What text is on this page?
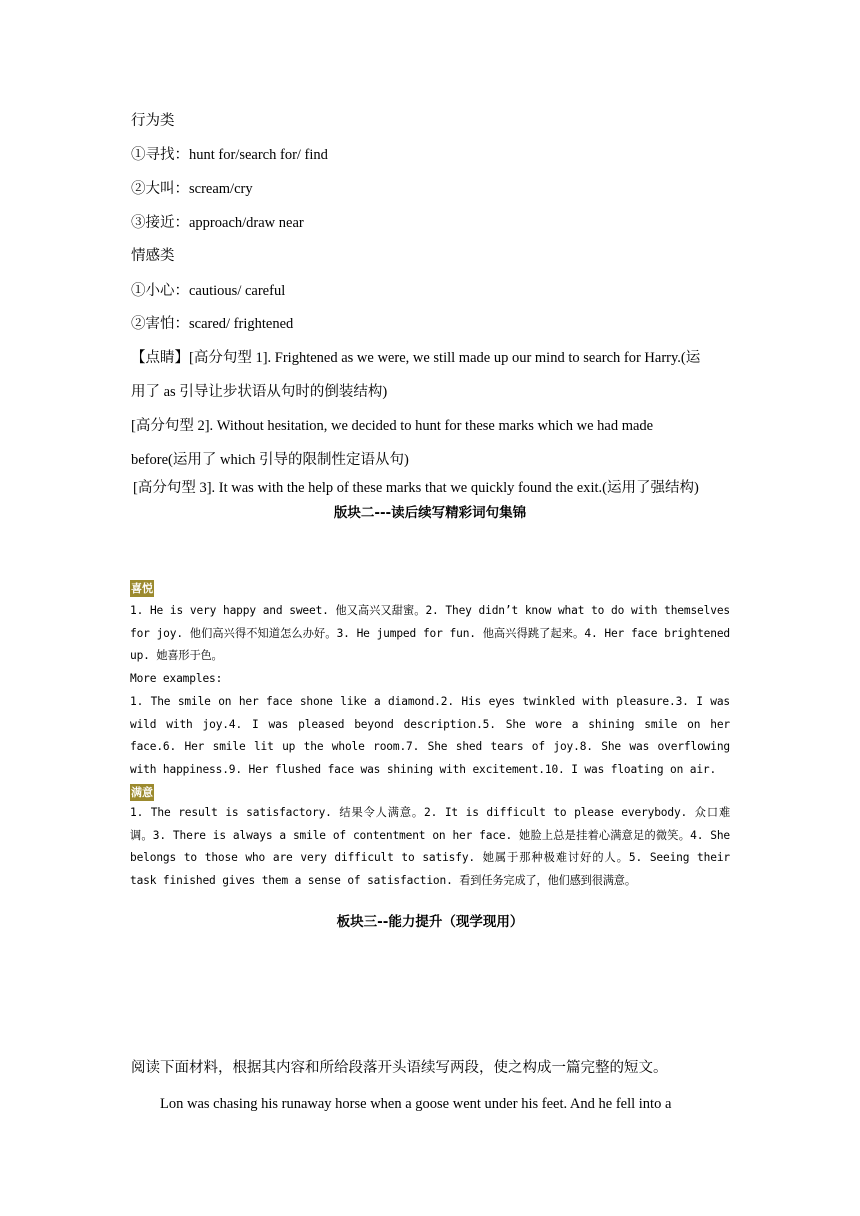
行为类
①寻找：hunt for/search for/ find
②大叫：scream/cry
③接近：approach/draw near
情感类
①小心：cautious/ careful
②害怕：scared/ frightened
【点睛】[高分句型 1]. Frightened as we were, we still made up our mind to search for Harry.(运
用了 as 引导让步状语从句时的倒装结构)
[高分句型 2]. Without hesitation, we decided to hunt for these marks which we had made
before(运用了 which 引导的限制性定语从句)
[高分句型 3]. It was with the help of these marks that we quickly found the exit.(运用了强结构)
版块二---读后续写精彩词句集锦
喜悦

1. He is very happy and sweet. 他又高兴又甜蜜。2. They didn’t know what to do with themselves for joy. 他们高兴得不知道怎么办好。3. He jumped for fun. 他高兴得跳了起来。4. Her face brightened up. 她喜形于色。

More examples:

1. The smile on her face shone like a diamond.2. His eyes twinkled with pleasure.3. I was wild with joy.4. I was pleased beyond description.5. She wore a shining smile on her face.6. Her smile lit up the whole room.7. She shed tears of joy.8. She was overflowing with happiness.9. Her flushed face was shining with excitement.10. I was floating on air.

满意

1. The result is satisfactory. 结果令人满意。2. It is difficult to please everybody. 众口难调。3. There is always a smile of contentment on her face. 她脸上总是挂着心满意足的微笑。4. She belongs to those who are very difficult to satisfy. 她属于那种极难讨好的人。5. Seeing their task finished gives them a sense of satisfaction. 看到任务完成了，他们感到很满意。

板块三--能力提升（现学现用）
阅读下面材料，根据其内容和所给段落开头语续写两段，使之构成一篇完整的短文。
Lon was chasing his runaway horse when a goose went under his feet. And he fell into a
